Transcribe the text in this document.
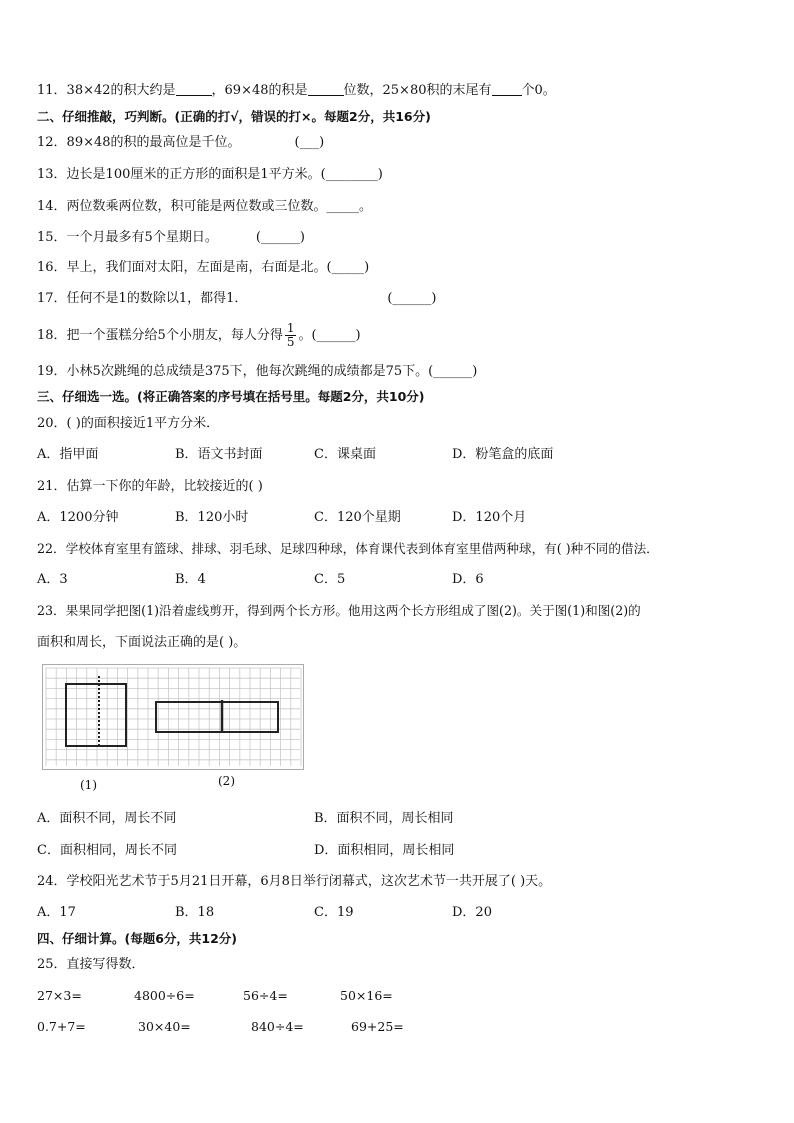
11．38×42的积大约是	，69×48的积是	位数，25×80积的末尾有 个0。
二、仔细推敲，巧判断。(正确的打√，错误的打×。每题2分，共16分)
12．89×48的积的最高位是千位。	(___)
13．边长是100厘米的正方形的面积是1平方米。(________)
14．两位数乘两位数，积可能是两位数或三位数。_____。
15．一个月最多有5个星期日。	(______)
16．早上，我们面对太阳，左面是南，右面是北。(_____)
17．任何不是1的数除以1，都得1．	(______)
18．把一个蛋糕分给5个小朋友，每人分得 $\frac{1}{5}$ 。(______)
19．小林5次跳绳的总成绩是375下，他每次跳绳的成绩都是75下。(______)
三、仔细选一选。(将正确答案的序号填在括号里。每题2分，共10分)
20．( )的面积接近1平方分米．
A．指甲面	B．语文书封面	C．课桌面	D．粉笔盒的底面
21．估算一下你的年龄，比较接近的( )
A．1200分钟	B．120小时	C．120个星期	D．120个月
22．学校体育室里有篮球、排球、羽毛球、足球四种球，体育课代表到体育室里借两种球，有( )种不同的借法．
A．3	B．4	C．5	D．6
23．果果同学把图(1)沿着虚线剪开，得到两个长方形。他用这两个长方形组成了图(2)。关于图(1)和图(2)的
面积和周长，下面说法正确的是( )。
(1)	(2)
A．面积不同，周长不同	B．面积不同，周长相同
C．面积相同，周长不同	D．面积相同，周长相同
24．学校阳光艺术节于5月21日开幕，6月8日举行闭幕式，这次艺术节一共开展了( )天。
A．17	B．18	C．19	D．20
四、仔细计算。(每题6分，共12分)
25．直接写得数．
27×3=	4800÷6=	56÷4=	50×16=
0.7+7=	30×40=	840÷4=	69+25=
